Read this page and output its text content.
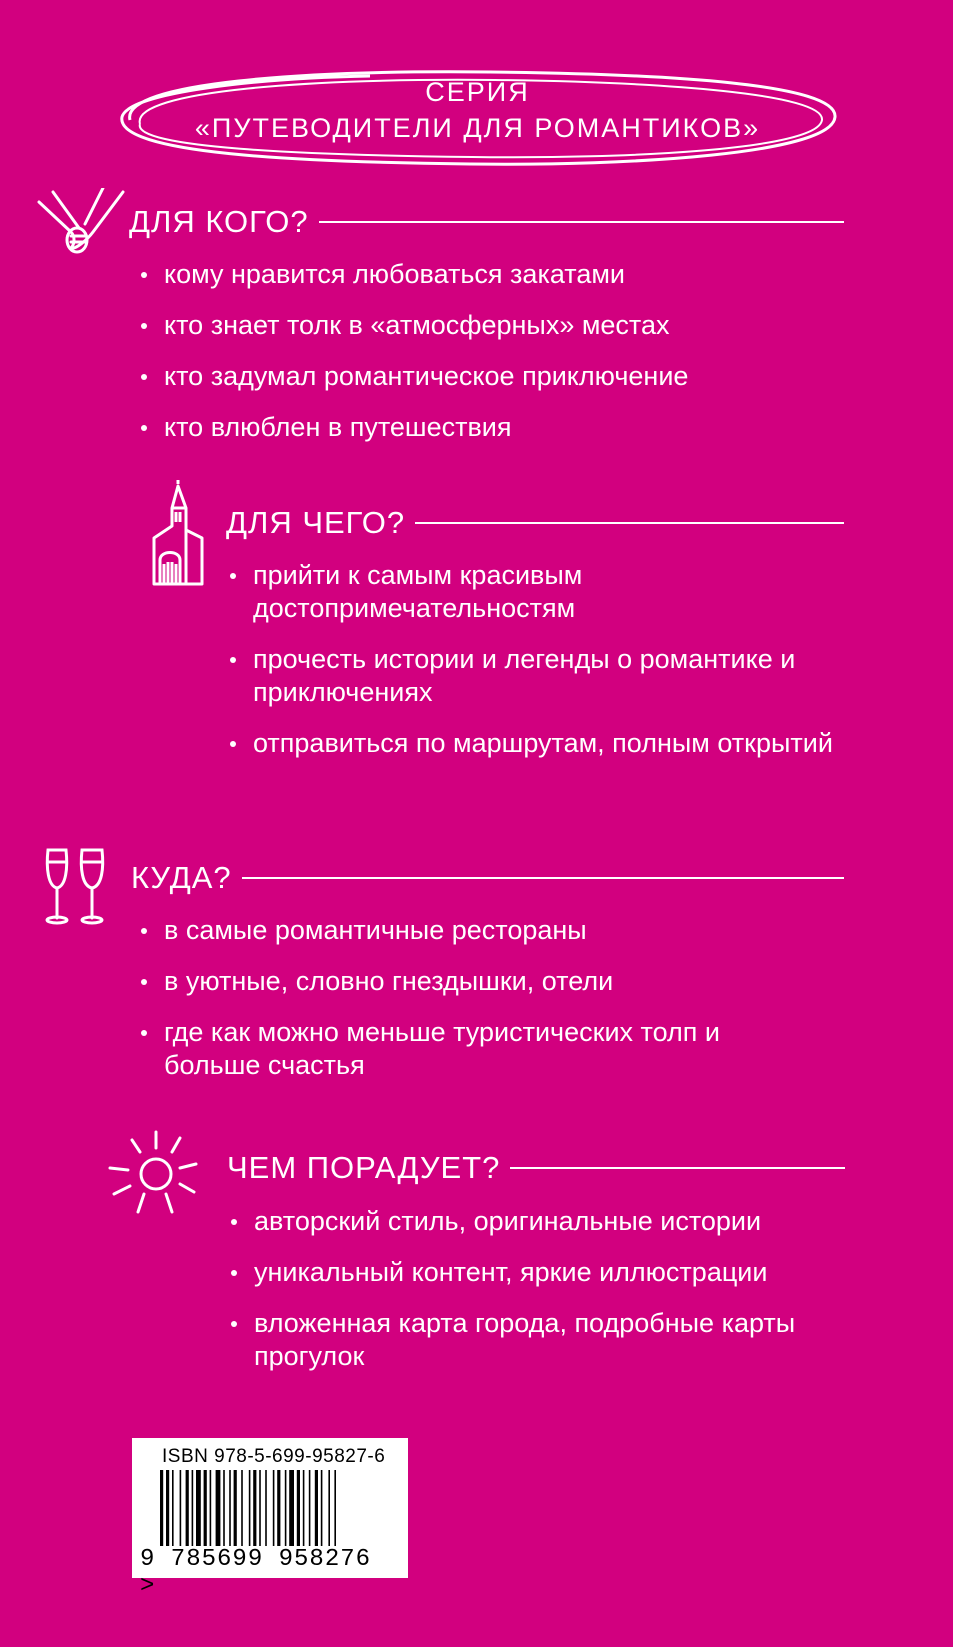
СЕРИЯ
«ПУТЕВОДИТЕЛИ ДЛЯ РОМАНТИКОВ»
ДЛЯ КОГО?
кому нравится любоваться закатами
кто знает толк в «атмосферных» местах
кто задумал романтическое приключение
кто влюблен в путешествия
ДЛЯ ЧЕГО?
прийти к самым красивым достопримечательностям
прочесть истории и легенды о романтике и приключениях
отправиться по маршрутам, полным открытий
КУДА?
в самые романтичные рестораны
в уютные, словно гнездышки, отели
где как можно меньше туристических толп и больше счастья
ЧЕМ ПОРАДУЕТ?
авторский стиль, оригинальные истории
уникальный контент, яркие иллюстрации
вложенная карта города, подробные карты прогулок
ISBN 978-5-699-95827-6
9 785699 958276 >
